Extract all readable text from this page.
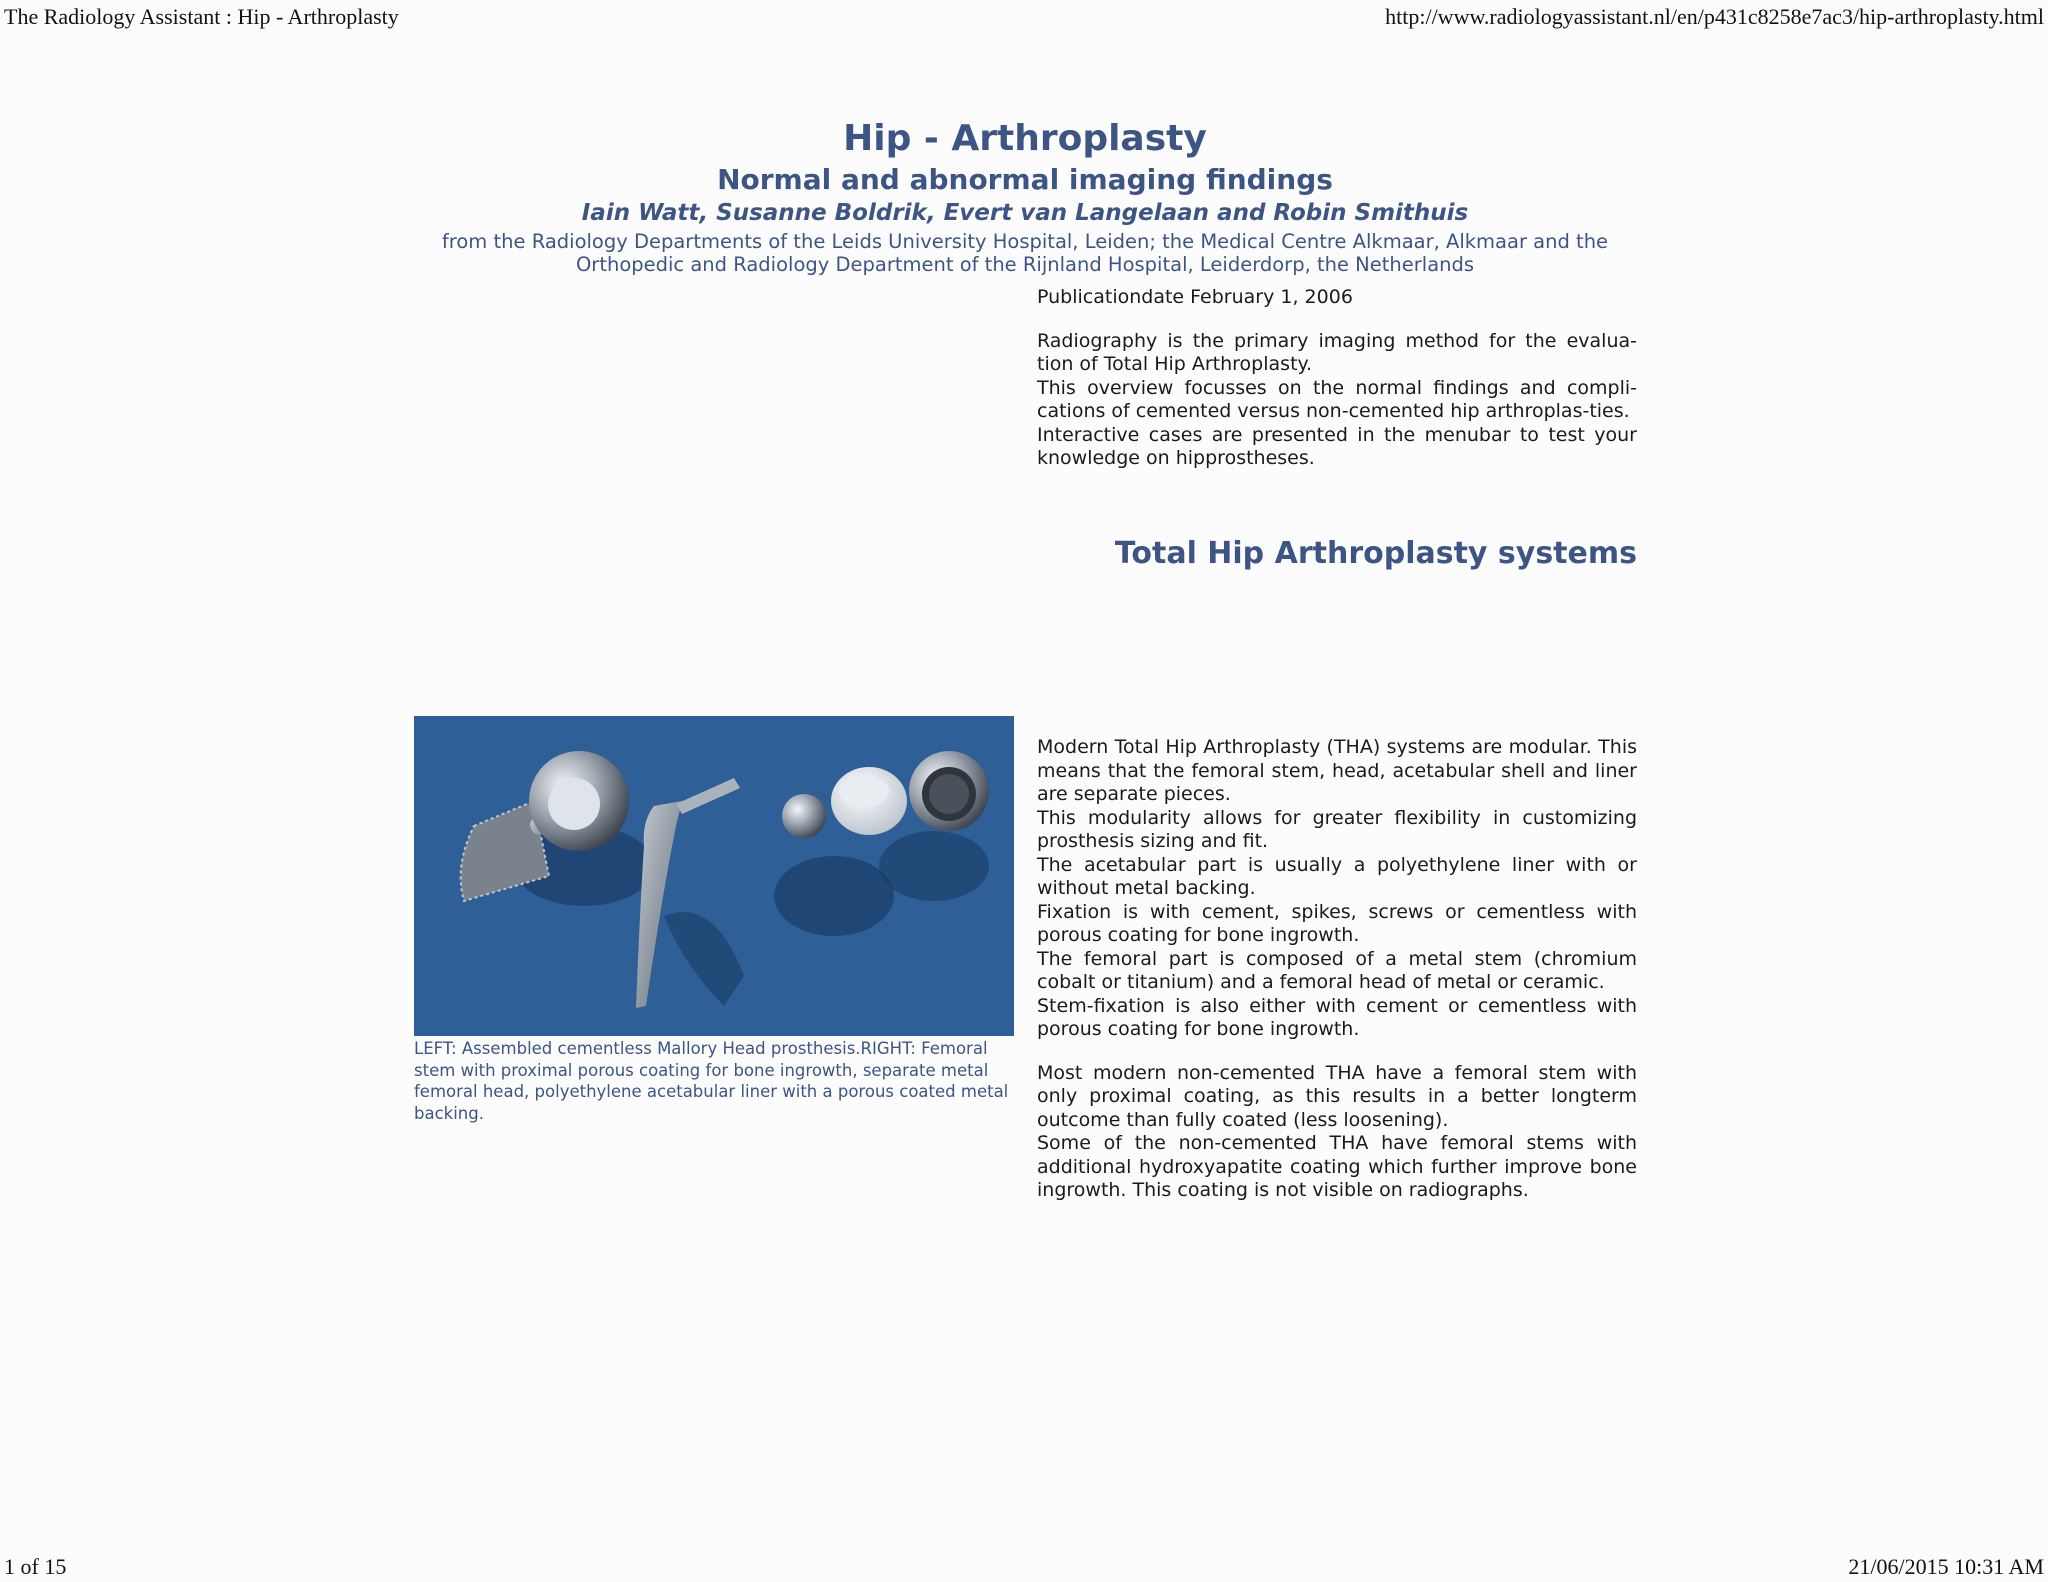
The Radiology Assistant : Hip - Arthroplasty	http://www.radiologyassistant.nl/en/p431c8258e7ac3/hip-arthroplasty.html
Hip - Arthroplasty
Normal and abnormal imaging findings
Iain Watt, Susanne Boldrik, Evert van Langelaan and Robin Smithuis
from the Radiology Departments of the Leids University Hospital, Leiden; the Medical Centre Alkmaar, Alkmaar and the
Orthopedic and Radiology Department of the Rijnland Hospital, Leiderdorp, the Netherlands

Publicationdate February 1, 2006

Radiography is the primary imaging method for the evalua-tion of Total Hip Arthroplasty.

This overview focusses on the normal findings and compli-cations of cemented versus non-cemented hip arthroplas-ties.

Interactive cases are presented in the menubar to test your knowledge on hipprostheses.

Total Hip Arthroplasty systems
LEFT: Assembled cementless Mallory Head prosthesis.RIGHT: Femoral stem with proximal porous coating for bone ingrowth, separate metal femoral head, polyethylene acetabular liner with a porous coated metal backing.

Modern Total Hip Arthroplasty (THA) systems are modular. This means that the femoral stem, head, acetabular shell and liner are separate pieces.

This modularity allows for greater flexibility in customizing prosthesis sizing and fit.

The acetabular part is usually a polyethylene liner with or without metal backing.

Fixation is with cement, spikes, screws or cementless with porous coating for bone ingrowth.

The femoral part is composed of a metal stem (chromium cobalt or titanium) and a femoral head of metal or ceramic.

Stem-fixation is also either with cement or cementless with porous coating for bone ingrowth.

Most modern non-cemented THA have a femoral stem with only proximal coating, as this results in a better longterm outcome than fully coated (less loosening).

Some of the non-cemented THA have femoral stems with additional hydroxyapatite coating which further improve bone ingrowth. This coating is not visible on radiographs.

1 of 15	21/06/2015 10:31 AM
